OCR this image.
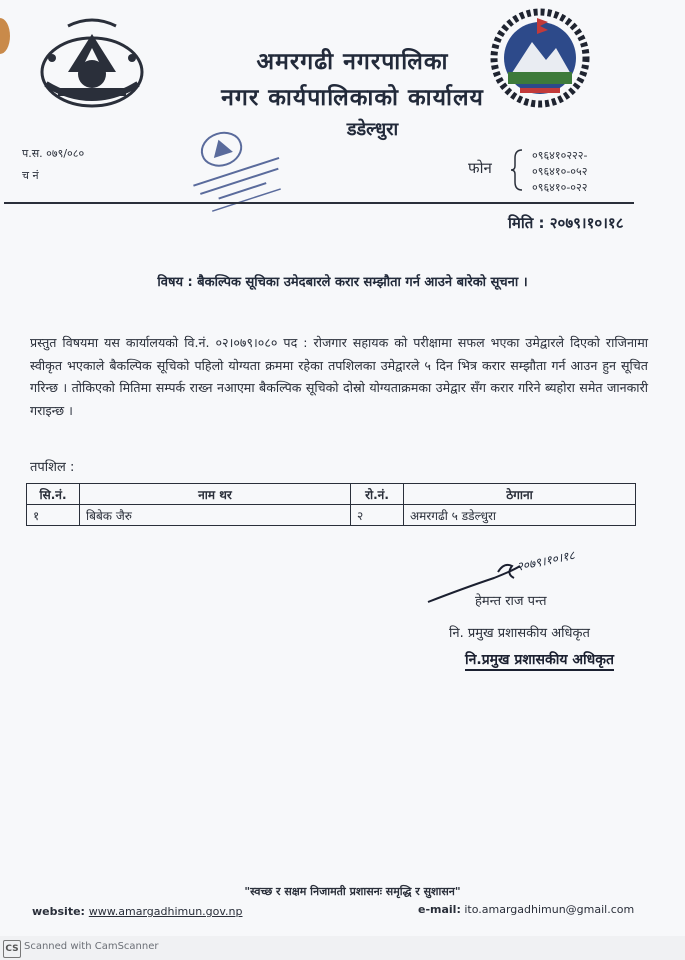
अमरगढी नगरपालिका
नगर कार्यपालिकाको कार्यालय
डडेल्धुरा
प.स. ०७९/०८०
च नं	फोन
०९६४१०२२२-
०९६४१०-०५२
०९६४१०-०२२
मिति : २०७९।१०।१८
विषय : बैकल्पिक सूचिका उमेदबारले करार सम्झौता गर्न आउने बारेको सूचना ।
प्रस्तुत विषयमा यस कार्यालयको वि.नं. ०२।०७९।०८० पद : रोजगार सहायक को परीक्षामा सफल भएका उमेद्वारले दिएको राजिनामा स्वीकृत भएकाले बैकल्पिक सूचिको पहिलो योग्यता क्रममा रहेका तपशिलका उमेद्वारले ५ दिन भित्र करार सम्झौता गर्न आउन हुन सूचित गरिन्छ । तोकिएको मितिमा सम्पर्क राख्न नआएमा बैकल्पिक सूचिको दोस्रो योग्यताक्रमका उमेद्वार सँग करार गरिने ब्यहोरा समेत जानकारी गराइन्छ ।
तपशिल :
सि.नं.	नाम थर	रो.नं.	ठेगाना
१	बिबेक जैरु	२	अमरगढी ५ डडेल्धुरा
२०७९।१०।१८
हेमन्त राज पन्त
नि. प्रमुख प्रशासकीय अधिकृत
नि.प्रमुख प्रशासकीय अधिकृत
"स्वच्छ र सक्षम निजामती प्रशासनः समृद्धि र सुशासन"
website: www.amargadhimun.gov.np	e-mail: ito.amargadhimun@gmail.com
CS Scanned with CamScanner
